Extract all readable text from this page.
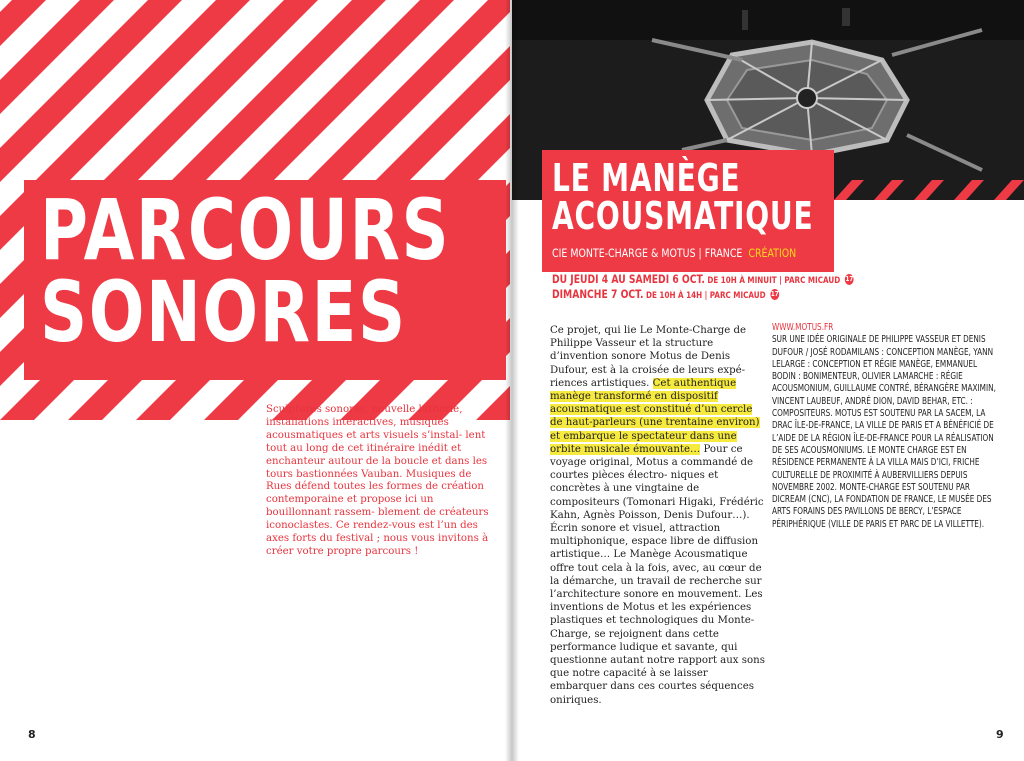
PARCOURS
SONORES
Sculptures sonores, nouvelle lutherie, installations interactives, musiques acousmatiques et arts visuels s’instal- lent tout au long de cet itinéraire inédit et enchanteur autour de la boucle et dans les tours bastionnées Vauban. Musiques de Rues défend toutes les formes de création contemporaine et propose ici un bouillonnant rassem- blement de créateurs iconoclastes. Ce rendez-vous est l’un des axes forts du festival ; nous vous invitons à créer votre propre parcours !
8
LE MANÈGE
ACOUSMATIQUE
CIE MONTE-CHARGE & MOTUS | FRANCE CRÉATION
DU JEUDI 4 AU SAMEDI 6 OCT. DE 10H À MINUIT | PARC MICAUD 17
DIMANCHE 7 OCT. DE 10H À 14H | PARC MICAUD 17
Ce projet, qui lie Le Monte-Charge de Philippe Vasseur et la structure d’invention sonore Motus de Denis Dufour, est à la croisée de leurs expé- riences artistiques. Cet authentique manège transformé en dispositif acousmatique est constitué d’un cercle de haut-parleurs (une trentaine environ) et embarque le spectateur dans une orbite musicale émouvante… Pour ce voyage original, Motus a commandé de courtes pièces électro- niques et concrètes à une vingtaine de compositeurs (Tomonari Higaki, Frédéric Kahn, Agnès Poisson, Denis Dufour…). Écrin sonore et visuel, attraction multiphonique, espace libre de diffusion artistique… Le Manège Acousmatique offre tout cela à la fois, avec, au cœur de la démarche, un travail de recherche sur l’architecture sonore en mouvement. Les inventions de Motus et les expériences plastiques et technologiques du Monte-Charge, se rejoignent dans cette performance ludique et savante, qui questionne autant notre rapport aux sons que notre capacité à se laisser embarquer dans ces courtes séquences oniriques.
WWW.MOTUS.FR
SUR UNE IDÉE ORIGINALE DE PHILIPPE VASSEUR ET DENIS DUFOUR / JOSÉ RODAMILANS : CONCEPTION MANÈGE, YANN LELARGE : CONCEPTION ET RÉGIE MANÈGE, EMMANUEL BODIN : BONIMENTEUR, OLIVIER LAMARCHE : RÉGIE ACOUSMONIUM, GUILLAUME CONTRÉ, BÉRANGÈRE MAXIMIN, VINCENT LAUBEUF, ANDRÉ DION, DAVID BEHAR, ETC. : COMPOSITEURS. MOTUS EST SOUTENU PAR LA SACEM, LA DRAC ÎLE-DE-FRANCE, LA VILLE DE PARIS ET A BÉNÉFICIÉ DE L’AIDE DE LA RÉGION ÎLE-DE-FRANCE POUR LA RÉALISATION DE SES ACOUSMONIUMS. LE MONTE CHARGE EST EN RÉSIDENCE PERMANENTE À LA VILLA MAIS D’ICI, FRICHE CULTURELLE DE PROXIMITÉ À AUBERVILLIERS DEPUIS NOVEMBRE 2002. MONTE-CHARGE EST SOUTENU PAR DICREAM (CNC), LA FONDATION DE FRANCE, LE MUSÉE DES ARTS FORAINS DES PAVILLONS DE BERCY, L’ESPACE PÉRIPHÉRIQUE (VILLE DE PARIS ET PARC DE LA VILLETTE).
9
